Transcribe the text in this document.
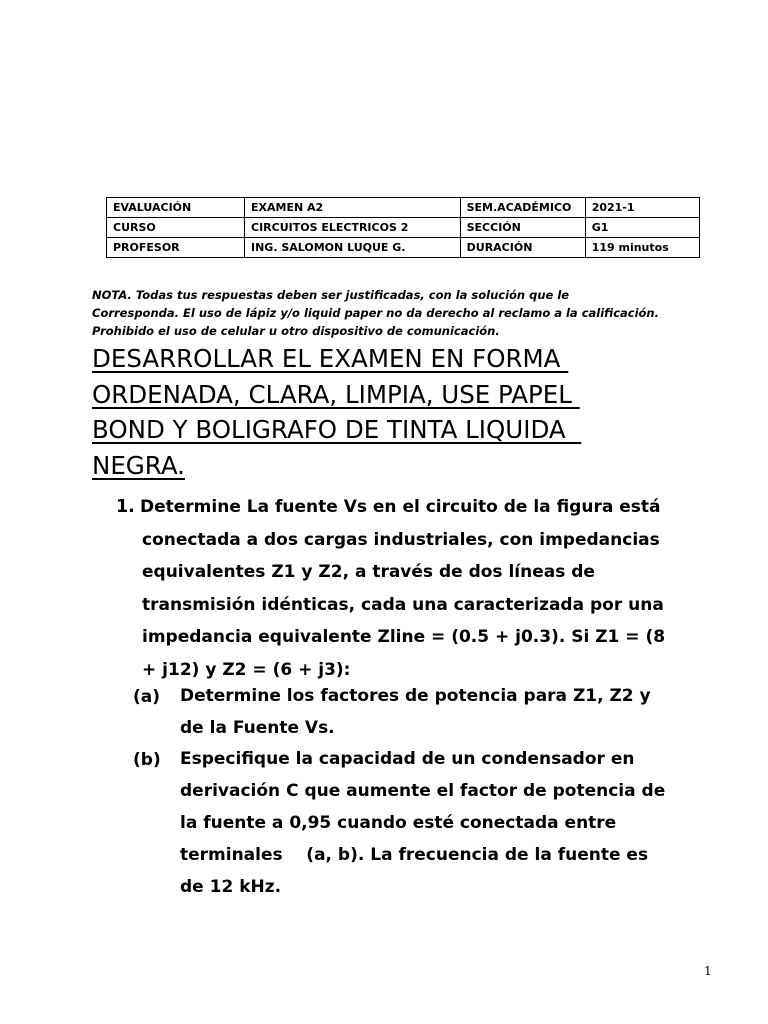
EVALUACIÓN	EXAMEN A2	SEM.ACADÉMICO	2021-1
CURSO	CIRCUITOS ELECTRICOS 2	SECCIÓN	G1
PROFESOR	ING. SALOMON LUQUE G.	DURACIÓN	119 minutos
NOTA. Todas tus respuestas deben ser justificadas, con la solución que le
Corresponda. El uso de lápiz y/o liquid paper no da derecho al reclamo a la calificación.
Prohibido el uso de celular u otro dispositivo de comunicación.
DESARROLLAR EL EXAMEN EN FORMA
ORDENADA, CLARA, LIMPIA, USE PAPEL
BOND Y BOLIGRAFO DE TINTA LIQUIDA
NEGRA.
1. Determine La fuente Vs en el circuito de la figura está
conectada a dos cargas industriales, con impedancias
equivalentes Z1 y Z2, a través de dos líneas de
transmisión idénticas, cada una caracterizada por una
impedancia equivalente Zline = (0.5 + j0.3). Si Z1 = (8
+ j12) y Z2 = (6 + j3):
(a) Determine los factores de potencia para Z1, Z2 y
de la Fuente Vs.
(b) Especifique la capacidad de un condensador en
derivación C que aumente el factor de potencia de
la fuente a 0,95 cuando esté conectada entre
terminales    (a, b). La frecuencia de la fuente es
de 12 kHz.
1
